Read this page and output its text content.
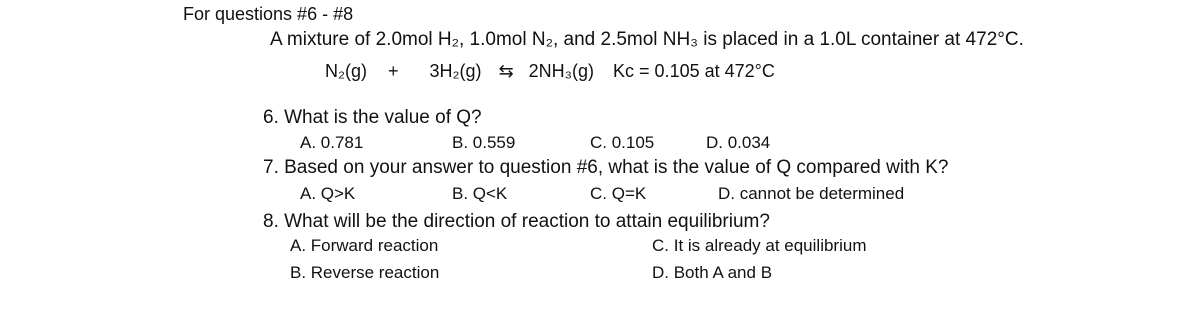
For questions #6 - #8
A mixture of 2.0mol H₂, 1.0mol N₂, and 2.5mol NH₃ is placed in a 1.0L container at 472°C.
N₂(g) + 3H₂(g) ⇆ 2NH₃(g) Kc = 0.105 at 472°C
6. What is the value of Q?
A. 0.781	B. 0.559	C. 0.105	D. 0.034
7. Based on your answer to question #6, what is the value of Q compared with K?
A. Q>K	B. Q<K	C. Q=K	D. cannot be determined
8. What will be the direction of reaction to attain equilibrium?
A. Forward reaction
B. Reverse reaction
C. It is already at equilibrium
D. Both A and B
